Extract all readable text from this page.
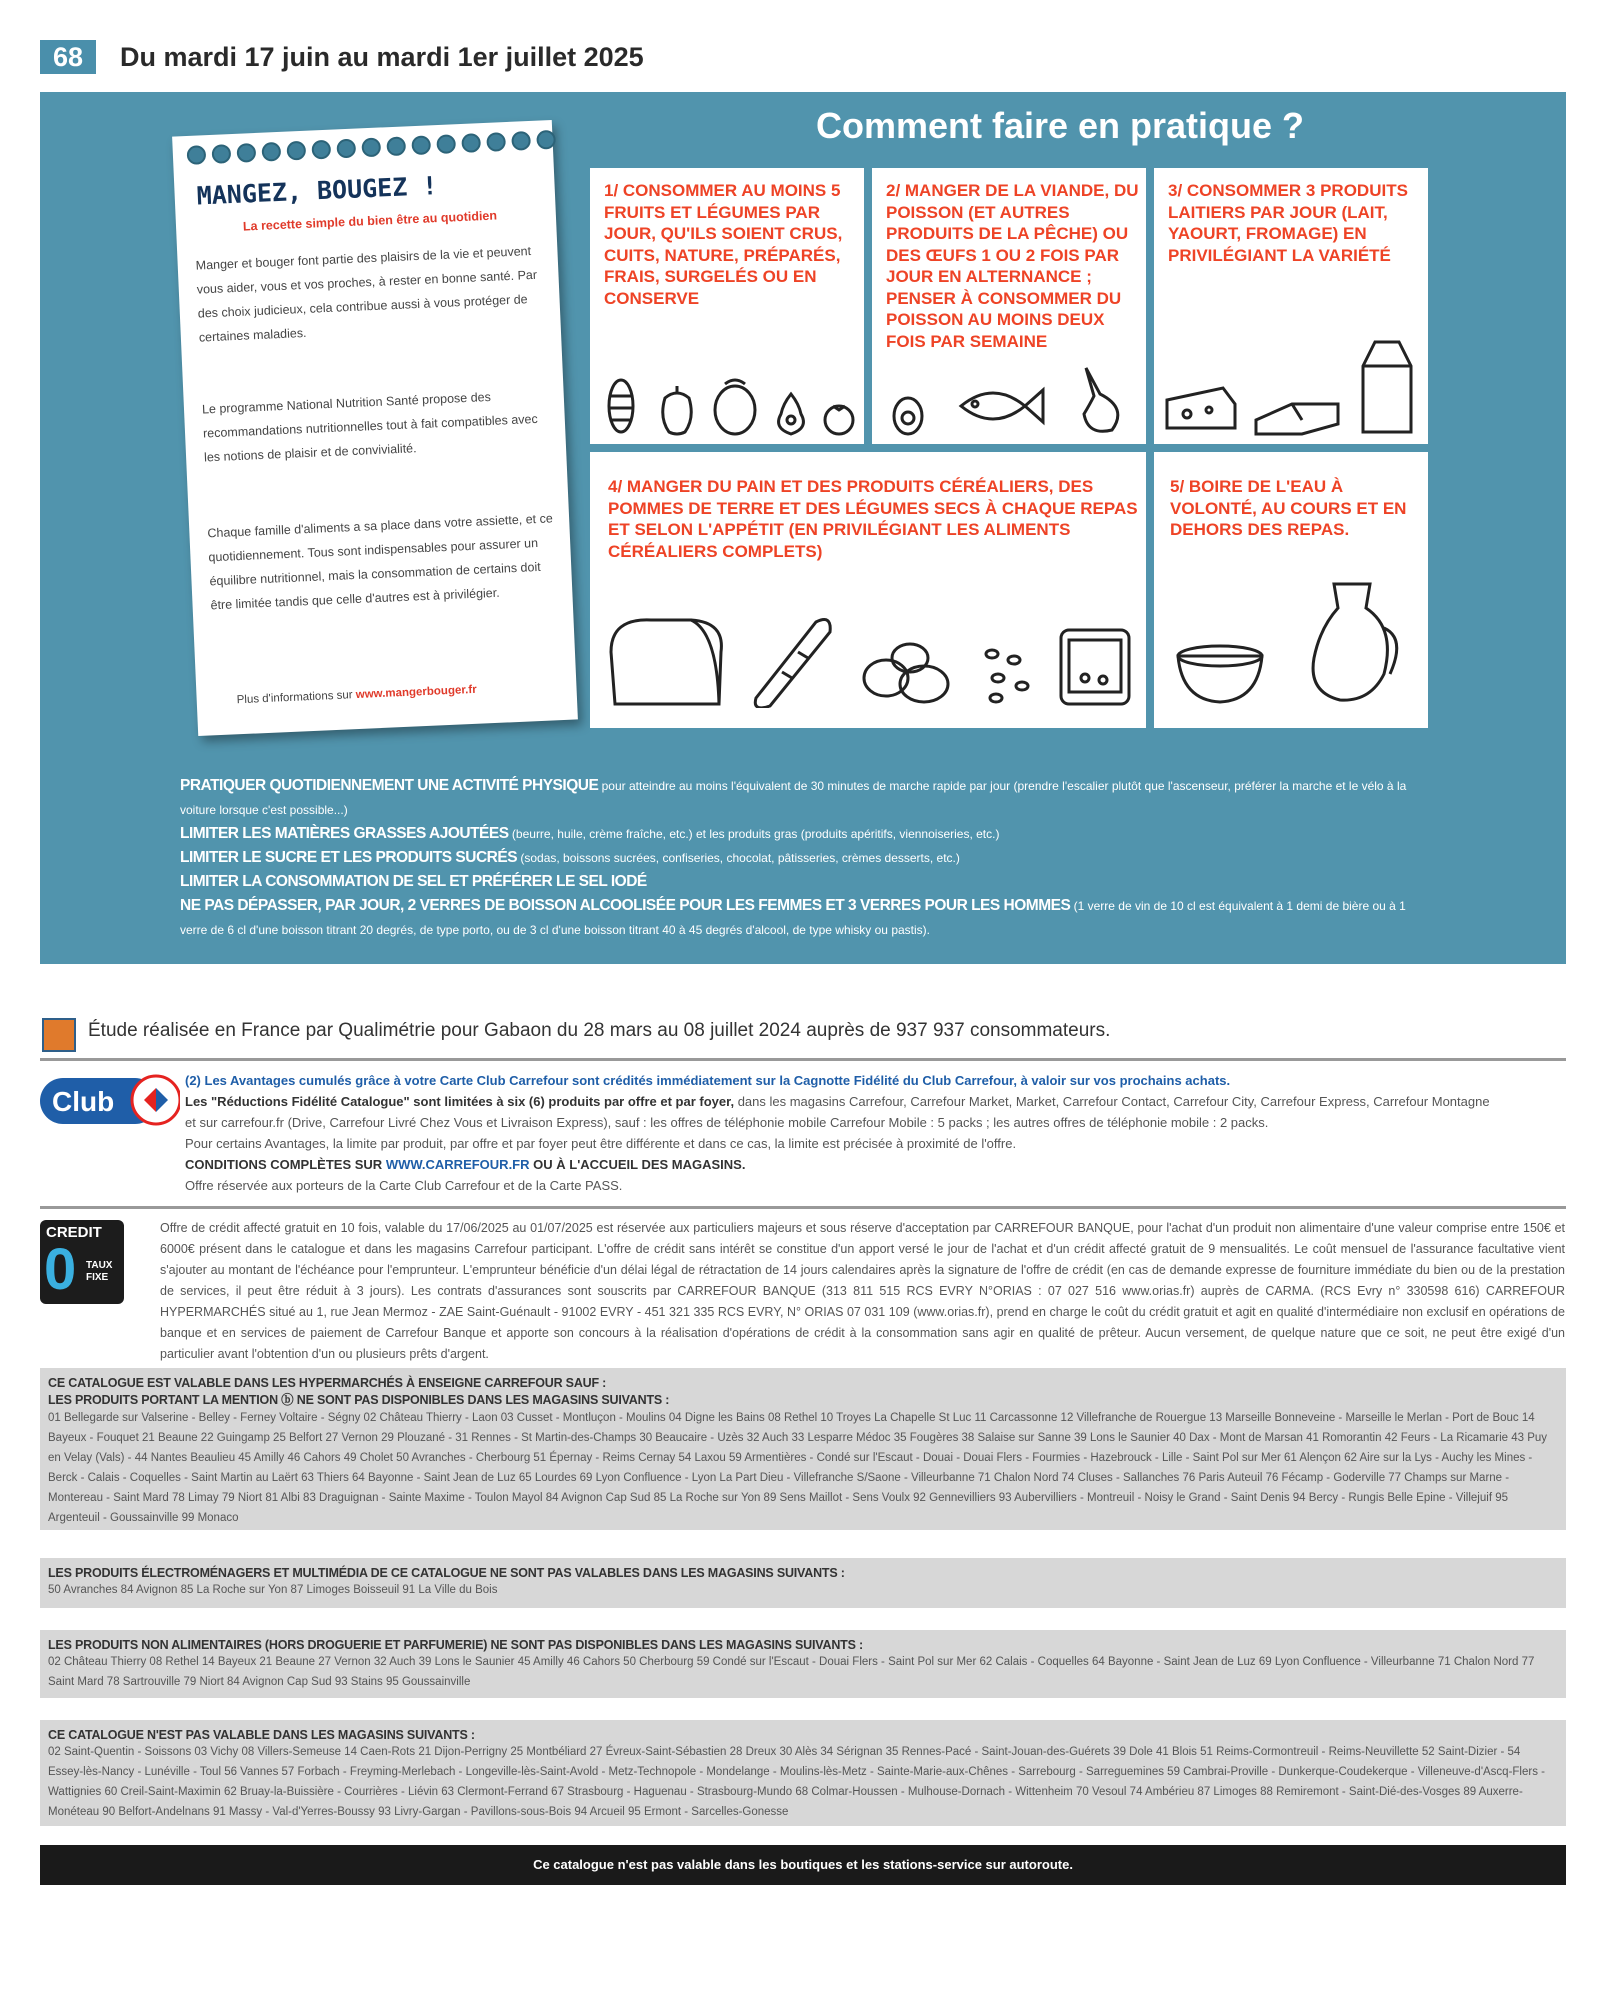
68	Du mardi 17 juin au mardi 1er juillet 2025
Comment faire en pratique ?
MANGEZ, BOUGEZ !
La recette simple du bien être au quotidien
Manger et bouger font partie des plaisirs de la vie et peuvent vous aider, vous et vos proches, à rester en bonne santé. Par des choix judicieux, cela contribue aussi à vous protéger de certaines maladies.
Le programme National Nutrition Santé propose des recommandations nutritionnelles tout à fait compatibles avec les notions de plaisir et de convivialité.
Chaque famille d'aliments a sa place dans votre assiette, et ce quotidiennement. Tous sont indispensables pour assurer un équilibre nutritionnel, mais la consommation de certains doit être limitée tandis que celle d'autres est à privilégier.
Plus d'informations sur www.mangerbouger.fr
1/ CONSOMMER AU MOINS 5 FRUITS ET LÉGUMES PAR JOUR, QU'ILS SOIENT CRUS, CUITS, NATURE, PRÉPARÉS, FRAIS, SURGELÉS OU EN CONSERVE
2/ MANGER DE LA VIANDE, DU POISSON (ET AUTRES PRODUITS DE LA PÊCHE) OU DES ŒUFS 1 OU 2 FOIS PAR JOUR EN ALTERNANCE ; PENSER À CONSOMMER DU POISSON AU MOINS DEUX FOIS PAR SEMAINE
3/ CONSOMMER 3 PRODUITS LAITIERS PAR JOUR (LAIT, YAOURT, FROMAGE) EN PRIVILÉGIANT LA VARIÉTÉ
4/ MANGER DU PAIN ET DES PRODUITS CÉRÉALIERS, DES POMMES DE TERRE ET DES LÉGUMES SECS À CHAQUE REPAS ET SELON L'APPÉTIT (EN PRIVILÉGIANT LES ALIMENTS CÉRÉALIERS COMPLETS)
5/ BOIRE DE L'EAU À VOLONTÉ, AU COURS ET EN DEHORS DES REPAS.
PRATIQUER QUOTIDIENNEMENT UNE ACTIVITÉ PHYSIQUE pour atteindre au moins l'équivalent de 30 minutes de marche rapide par jour (prendre l'escalier plutôt que l'ascenseur, préférer la marche et le vélo à la voiture lorsque c'est possible...)
LIMITER LES MATIÈRES GRASSES AJOUTÉES (beurre, huile, crème fraîche, etc.) et les produits gras (produits apéritifs, viennoiseries, etc.)
LIMITER LE SUCRE ET LES PRODUITS SUCRÉS (sodas, boissons sucrées, confiseries, chocolat, pâtisseries, crèmes desserts, etc.)
LIMITER LA CONSOMMATION DE SEL ET PRÉFÉRER LE SEL IODÉ
NE PAS DÉPASSER, PAR JOUR, 2 VERRES DE BOISSON ALCOOLISÉE POUR LES FEMMES ET 3 VERRES POUR LES HOMMES (1 verre de vin de 10 cl est équivalent à 1 demi de bière ou à 1 verre de 6 cl d'une boisson titrant 20 degrés, de type porto, ou de 3 cl d'une boisson titrant 40 à 45 degrés d'alcool, de type whisky ou pastis).
Étude réalisée en France par Qualimétrie pour Gabaon du 28 mars au 08 juillet 2024 auprès de 937 937 consommateurs.
Club
(2) Les Avantages cumulés grâce à votre Carte Club Carrefour sont crédités immédiatement sur la Cagnotte Fidélité du Club Carrefour, à valoir sur vos prochains achats.
Les "Réductions Fidélité Catalogue" sont limitées à six (6) produits par offre et par foyer, dans les magasins Carrefour, Carrefour Market, Market, Carrefour Contact, Carrefour City, Carrefour Express, Carrefour Montagne
et sur carrefour.fr (Drive, Carrefour Livré Chez Vous et Livraison Express), sauf : les offres de téléphonie mobile Carrefour Mobile : 5 packs ; les autres offres de téléphonie mobile : 2 packs.
Pour certains Avantages, la limite par produit, par offre et par foyer peut être différente et dans ce cas, la limite est précisée à proximité de l'offre.
CONDITIONS COMPLÈTES SUR WWW.CARREFOUR.FR OU À L'ACCUEIL DES MAGASINS.
Offre réservée aux porteurs de la Carte Club Carrefour et de la Carte PASS.
CREDIT
0 TAUX FIXE
Offre de crédit affecté gratuit en 10 fois, valable du 17/06/2025 au 01/07/2025 est réservée aux particuliers majeurs et sous réserve d'acceptation par CARREFOUR BANQUE, pour l'achat d'un produit non alimentaire d'une valeur comprise entre 150€ et 6000€ présent dans le catalogue et dans les magasins Carrefour participant. L'offre de crédit sans intérêt se constitue d'un apport versé le jour de l'achat et d'un crédit affecté gratuit de 9 mensualités. Le coût mensuel de l'assurance facultative vient s'ajouter au montant de l'échéance pour l'emprunteur. L'emprunteur bénéficie d'un délai légal de rétractation de 14 jours calendaires après la signature de l'offre de crédit (en cas de demande expresse de fourniture immédiate du bien ou de la prestation de services, il peut être réduit à 3 jours). Les contrats d'assurances sont souscrits par CARREFOUR BANQUE (313 811 515 RCS EVRY N°ORIAS : 07 027 516 www.orias.fr) auprès de CARMA. (RCS Evry n° 330598 616) CARREFOUR HYPERMARCHÉS situé au 1, rue Jean Mermoz - ZAE Saint-Guénault - 91002 EVRY - 451 321 335 RCS EVRY, N° ORIAS 07 031 109 (www.orias.fr), prend en charge le coût du crédit gratuit et agit en qualité d'intermédiaire non exclusif en opérations de banque et en services de paiement de Carrefour Banque et apporte son concours à la réalisation d'opérations de crédit à la consommation sans agir en qualité de prêteur. Aucun versement, de quelque nature que ce soit, ne peut être exigé d'un particulier avant l'obtention d'un ou plusieurs prêts d'argent.
CE CATALOGUE EST VALABLE DANS LES HYPERMARCHÉS À ENSEIGNE CARREFOUR SAUF :
LES PRODUITS PORTANT LA MENTION ⓑ NE SONT PAS DISPONIBLES DANS LES MAGASINS SUIVANTS :
01 Bellegarde sur Valserine - Belley - Ferney Voltaire - Ségny 02 Château Thierry - Laon 03 Cusset - Montluçon - Moulins 04 Digne les Bains 08 Rethel 10 Troyes La Chapelle St Luc 11 Carcassonne 12 Villefranche de Rouergue 13 Marseille Bonneveine - Marseille le Merlan - Port de Bouc 14 Bayeux - Fouquet 21 Beaune 22 Guingamp 25 Belfort 27 Vernon 29 Plouzané - 31 Rennes - St Martin-des-Champs 30 Beaucaire - Uzès 32 Auch 33 Lesparre Médoc 35 Fougères 38 Salaise sur Sanne 39 Lons le Saunier 40 Dax - Mont de Marsan 41 Romorantin 42 Feurs - La Ricamarie 43 Puy en Velay (Vals) - 44 Nantes Beaulieu 45 Amilly 46 Cahors 49 Cholet 50 Avranches - Cherbourg 51 Épernay - Reims Cernay 54 Laxou 59 Armentières - Condé sur l'Escaut - Douai - Douai Flers - Fourmies - Hazebrouck - Lille - Saint Pol sur Mer 61 Alençon 62 Aire sur la Lys - Auchy les Mines - Berck - Calais - Coquelles - Saint Martin au Laërt 63 Thiers 64 Bayonne - Saint Jean de Luz 65 Lourdes 69 Lyon Confluence - Lyon La Part Dieu - Villefranche S/Saone - Villeurbanne 71 Chalon Nord 74 Cluses - Sallanches 76 Paris Auteuil 76 Fécamp - Goderville 77 Champs sur Marne - Montereau - Saint Mard 78 Limay 79 Niort 81 Albi 83 Draguignan - Sainte Maxime - Toulon Mayol 84 Avignon Cap Sud 85 La Roche sur Yon 89 Sens Maillot - Sens Voulx 92 Gennevilliers 93 Aubervilliers - Montreuil - Noisy le Grand - Saint Denis 94 Bercy - Rungis Belle Epine - Villejuif 95 Argenteuil - Goussainville 99 Monaco
LES PRODUITS ÉLECTROMÉNAGERS ET MULTIMÉDIA DE CE CATALOGUE NE SONT PAS VALABLES DANS LES MAGASINS SUIVANTS :
50 Avranches 84 Avignon 85 La Roche sur Yon 87 Limoges Boisseuil 91 La Ville du Bois
LES PRODUITS NON ALIMENTAIRES (HORS DROGUERIE ET PARFUMERIE) NE SONT PAS DISPONIBLES DANS LES MAGASINS SUIVANTS :
02 Château Thierry 08 Rethel 14 Bayeux 21 Beaune 27 Vernon 32 Auch 39 Lons le Saunier 45 Amilly 46 Cahors 50 Cherbourg 59 Condé sur l'Escaut - Douai Flers - Saint Pol sur Mer 62 Calais - Coquelles 64 Bayonne - Saint Jean de Luz 69 Lyon Confluence - Villeurbanne 71 Chalon Nord 77 Saint Mard 78 Sartrouville 79 Niort 84 Avignon Cap Sud 93 Stains 95 Goussainville
CE CATALOGUE N'EST PAS VALABLE DANS LES MAGASINS SUIVANTS :
02 Saint-Quentin - Soissons 03 Vichy 08 Villers-Semeuse 14 Caen-Rots 21 Dijon-Perrigny 25 Montbéliard 27 Évreux-Saint-Sébastien 28 Dreux 30 Alès 34 Sérignan 35 Rennes-Pacé - Saint-Jouan-des-Guérets 39 Dole 41 Blois 51 Reims-Cormontreuil - Reims-Neuvillette 52 Saint-Dizier - 54 Essey-lès-Nancy - Lunéville - Toul 56 Vannes 57 Forbach - Freyming-Merlebach - Longeville-lès-Saint-Avold - Metz-Technopole - Mondelange - Moulins-lès-Metz - Sainte-Marie-aux-Chênes - Sarrebourg - Sarreguemines 59 Cambrai-Proville - Dunkerque-Coudekerque - Villeneuve-d'Ascq-Flers - Wattignies 60 Creil-Saint-Maximin 62 Bruay-la-Buissière - Courrières - Liévin 63 Clermont-Ferrand 67 Strasbourg - Haguenau - Strasbourg-Mundo 68 Colmar-Houssen - Mulhouse-Dornach - Wittenheim 70 Vesoul 74 Ambérieu 87 Limoges 88 Remiremont - Saint-Dié-des-Vosges 89 Auxerre-Monéteau 90 Belfort-Andelnans 91 Massy - Val-d'Yerres-Boussy 93 Livry-Gargan - Pavillons-sous-Bois 94 Arcueil 95 Ermont - Sarcelles-Gonesse
Ce catalogue n'est pas valable dans les boutiques et les stations-service sur autoroute.
